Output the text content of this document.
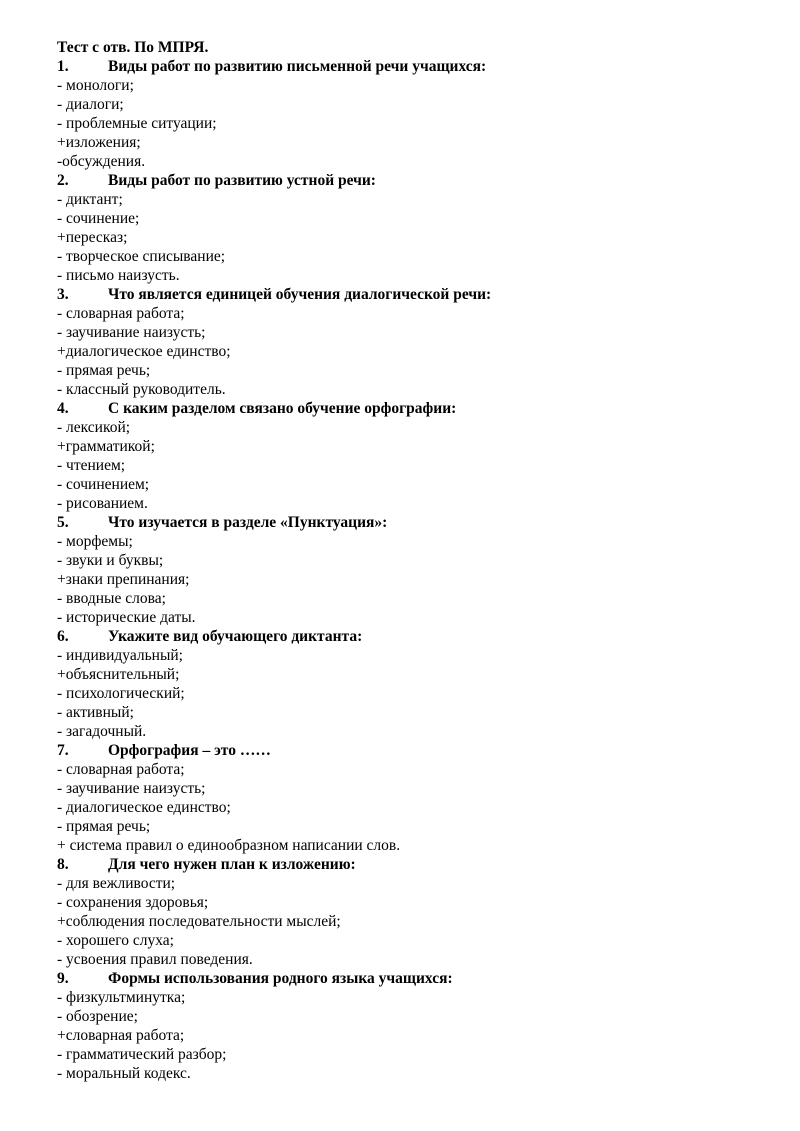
Тест с отв. По МПРЯ.
1.	Виды работ по развитию письменной речи учащихся:
- монологи;
- диалоги;
- проблемные ситуации;
+изложения;
-обсуждения.
2.	Виды работ по развитию устной речи:
- диктант;
- сочинение;
+пересказ;
- творческое списывание;
- письмо наизусть.
3.	Что является единицей обучения диалогической речи:
- словарная работа;
- заучивание наизусть;
+диалогическое единство;
- прямая речь;
- классный руководитель.
4.	С каким разделом связано обучение орфографии:
- лексикой;
+грамматикой;
- чтением;
- сочинением;
- рисованием.
5.	Что изучается в разделе «Пунктуация»:
- морфемы;
- звуки и буквы;
+знаки препинания;
- вводные слова;
- исторические даты.
6.	Укажите вид обучающего диктанта:
- индивидуальный;
+объяснительный;
- психологический;
- активный;
- загадочный.
7.	Орфография – это ……
- словарная работа;
- заучивание наизусть;
- диалогическое единство;
- прямая речь;
+ система правил о единообразном написании слов.
8.	Для чего нужен план к изложению:
- для вежливости;
- сохранения здоровья;
+соблюдения последовательности мыслей;
- хорошего слуха;
- усвоения правил поведения.
9.	Формы использования родного языка учащихся:
- физкультминутка;
- обозрение;
+словарная работа;
- грамматический разбор;
- моральный кодекс.
